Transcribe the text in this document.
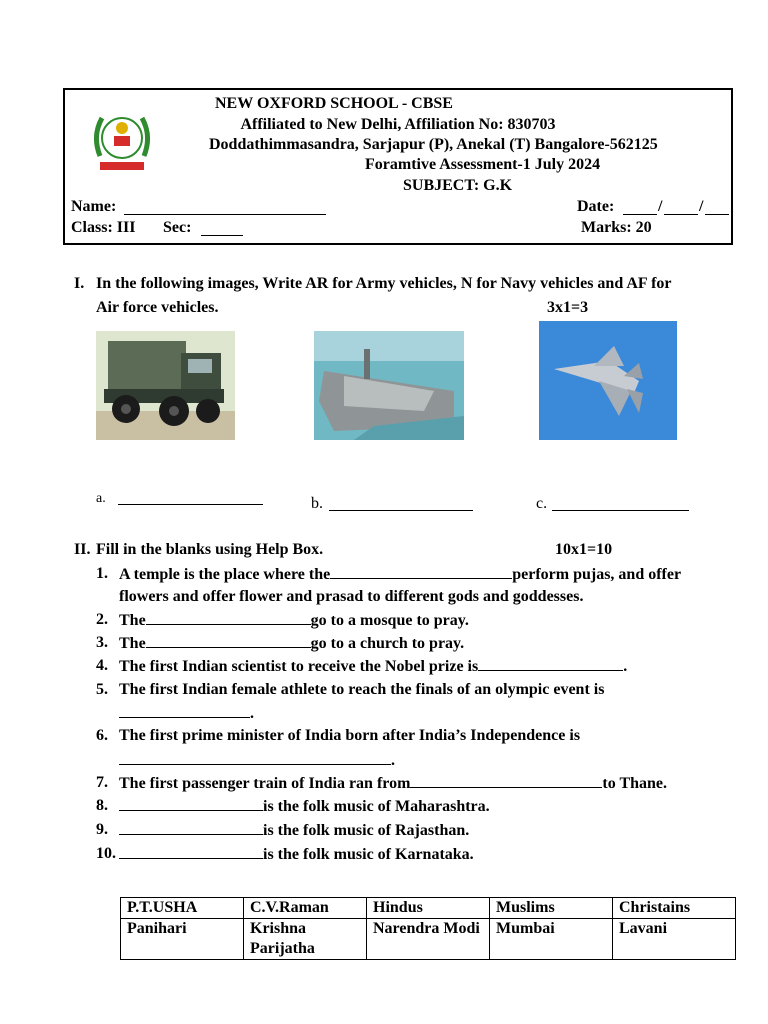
NEW OXFORD SCHOOL - CBSE
Affiliated to New Delhi, Affiliation No: 830703
Doddathimmasandra, Sarjapur (P), Anekal (T) Bangalore-562125
Foramtive Assessment-1 July 2024
SUBJECT: G.K
Name:	Date:	/ /
Class: III Sec:	Marks: 20
I. In the following images, Write AR for Army vehicles, N for Navy vehicles and AF for
Air force vehicles.	3x1=3
a.	b.	c.
II. Fill in the blanks using Help Box.	10x1=10
1. A temple is the place where the	perform pujas, and offer
flowers and offer flower and prasad to different gods and goddesses.
2. The	go to a mosque to pray.
3. The	go to a church to pray.
4. The first Indian scientist to receive the Nobel prize is	.
5. The first Indian female athlete to reach the finals of an olympic event is
.
6. The first prime minister of India born after India’s Independence is
.
7. The first passenger train of India ran from	to Thane.
8.	is the folk music of Maharashtra.
9.	is the folk music of Rajasthan.
10.	is the folk music of Karnataka.
P.T.USHA	C.V.Raman	Hindus	Muslims	Christains
Panihari	Krishna Parijatha	Narendra Modi	Mumbai	Lavani
